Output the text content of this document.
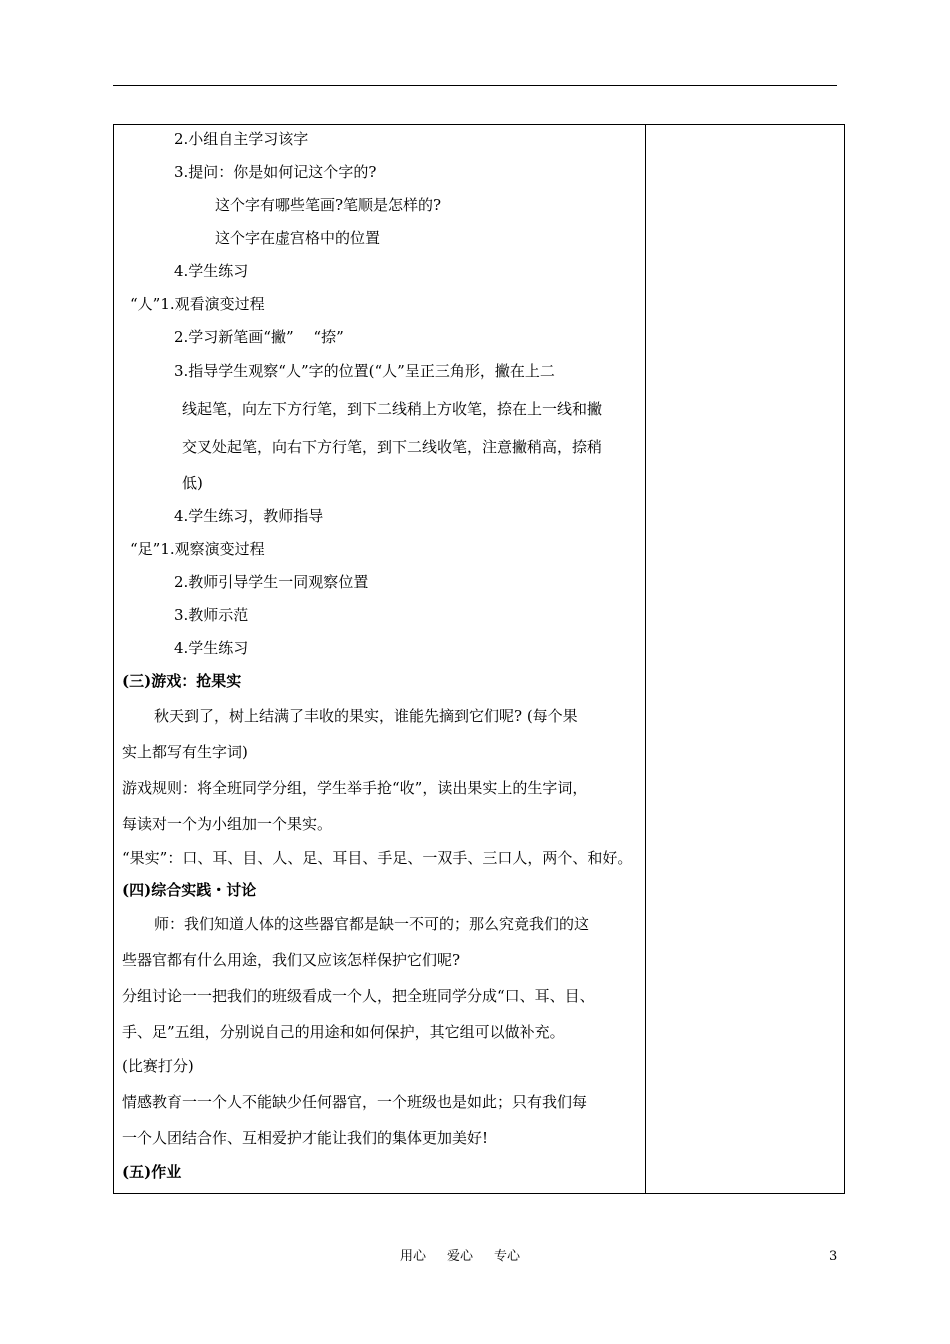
2.小组自主学习该字
3.提问：你是如何记这个字的?
这个字有哪些笔画?笔顺是怎样的?
这个字在虚宫格中的位置
4.学生练习
“人”1.观看演变过程
2.学习新笔画“撇”　 “捺”
3.指导学生观察“人”字的位置(“人”呈正三角形，撇在上二
线起笔，向左下方行笔，到下二线稍上方收笔，捺在上一线和撇
交叉处起笔，向右下方行笔，到下二线收笔，注意撇稍高，捺稍
低)
4.学生练习，教师指导
“足”1.观察演变过程
2.教师引导学生一同观察位置
3.教师示范
4.学生练习
(三)游戏：抢果实
秋天到了，树上结满了丰收的果实，谁能先摘到它们呢? (每个果
实上都写有生字词)
游戏规则：将全班同学分组，学生举手抢“收”，读出果实上的生字词，
每读对一个为小组加一个果实。
“果实”：口、耳、目、人、足、耳目、手足、一双手、三口人，两个、和好。
(四)综合实践・讨论
师：我们知道人体的这些器官都是缺一不可的；那么究竟我们的这
些器官都有什么用途，我们又应该怎样保护它们呢?
分组讨论一一把我们的班级看成一个人，把全班同学分成“口、耳、目、
手、足”五组，分别说自己的用途和如何保护，其它组可以做补充。
(比赛打分)
情感教育一一个人不能缺少任何器官，一个班级也是如此；只有我们每
一个人团结合作、互相爱护才能让我们的集体更加美好!
(五)作业
用心 爱心 专心	3
